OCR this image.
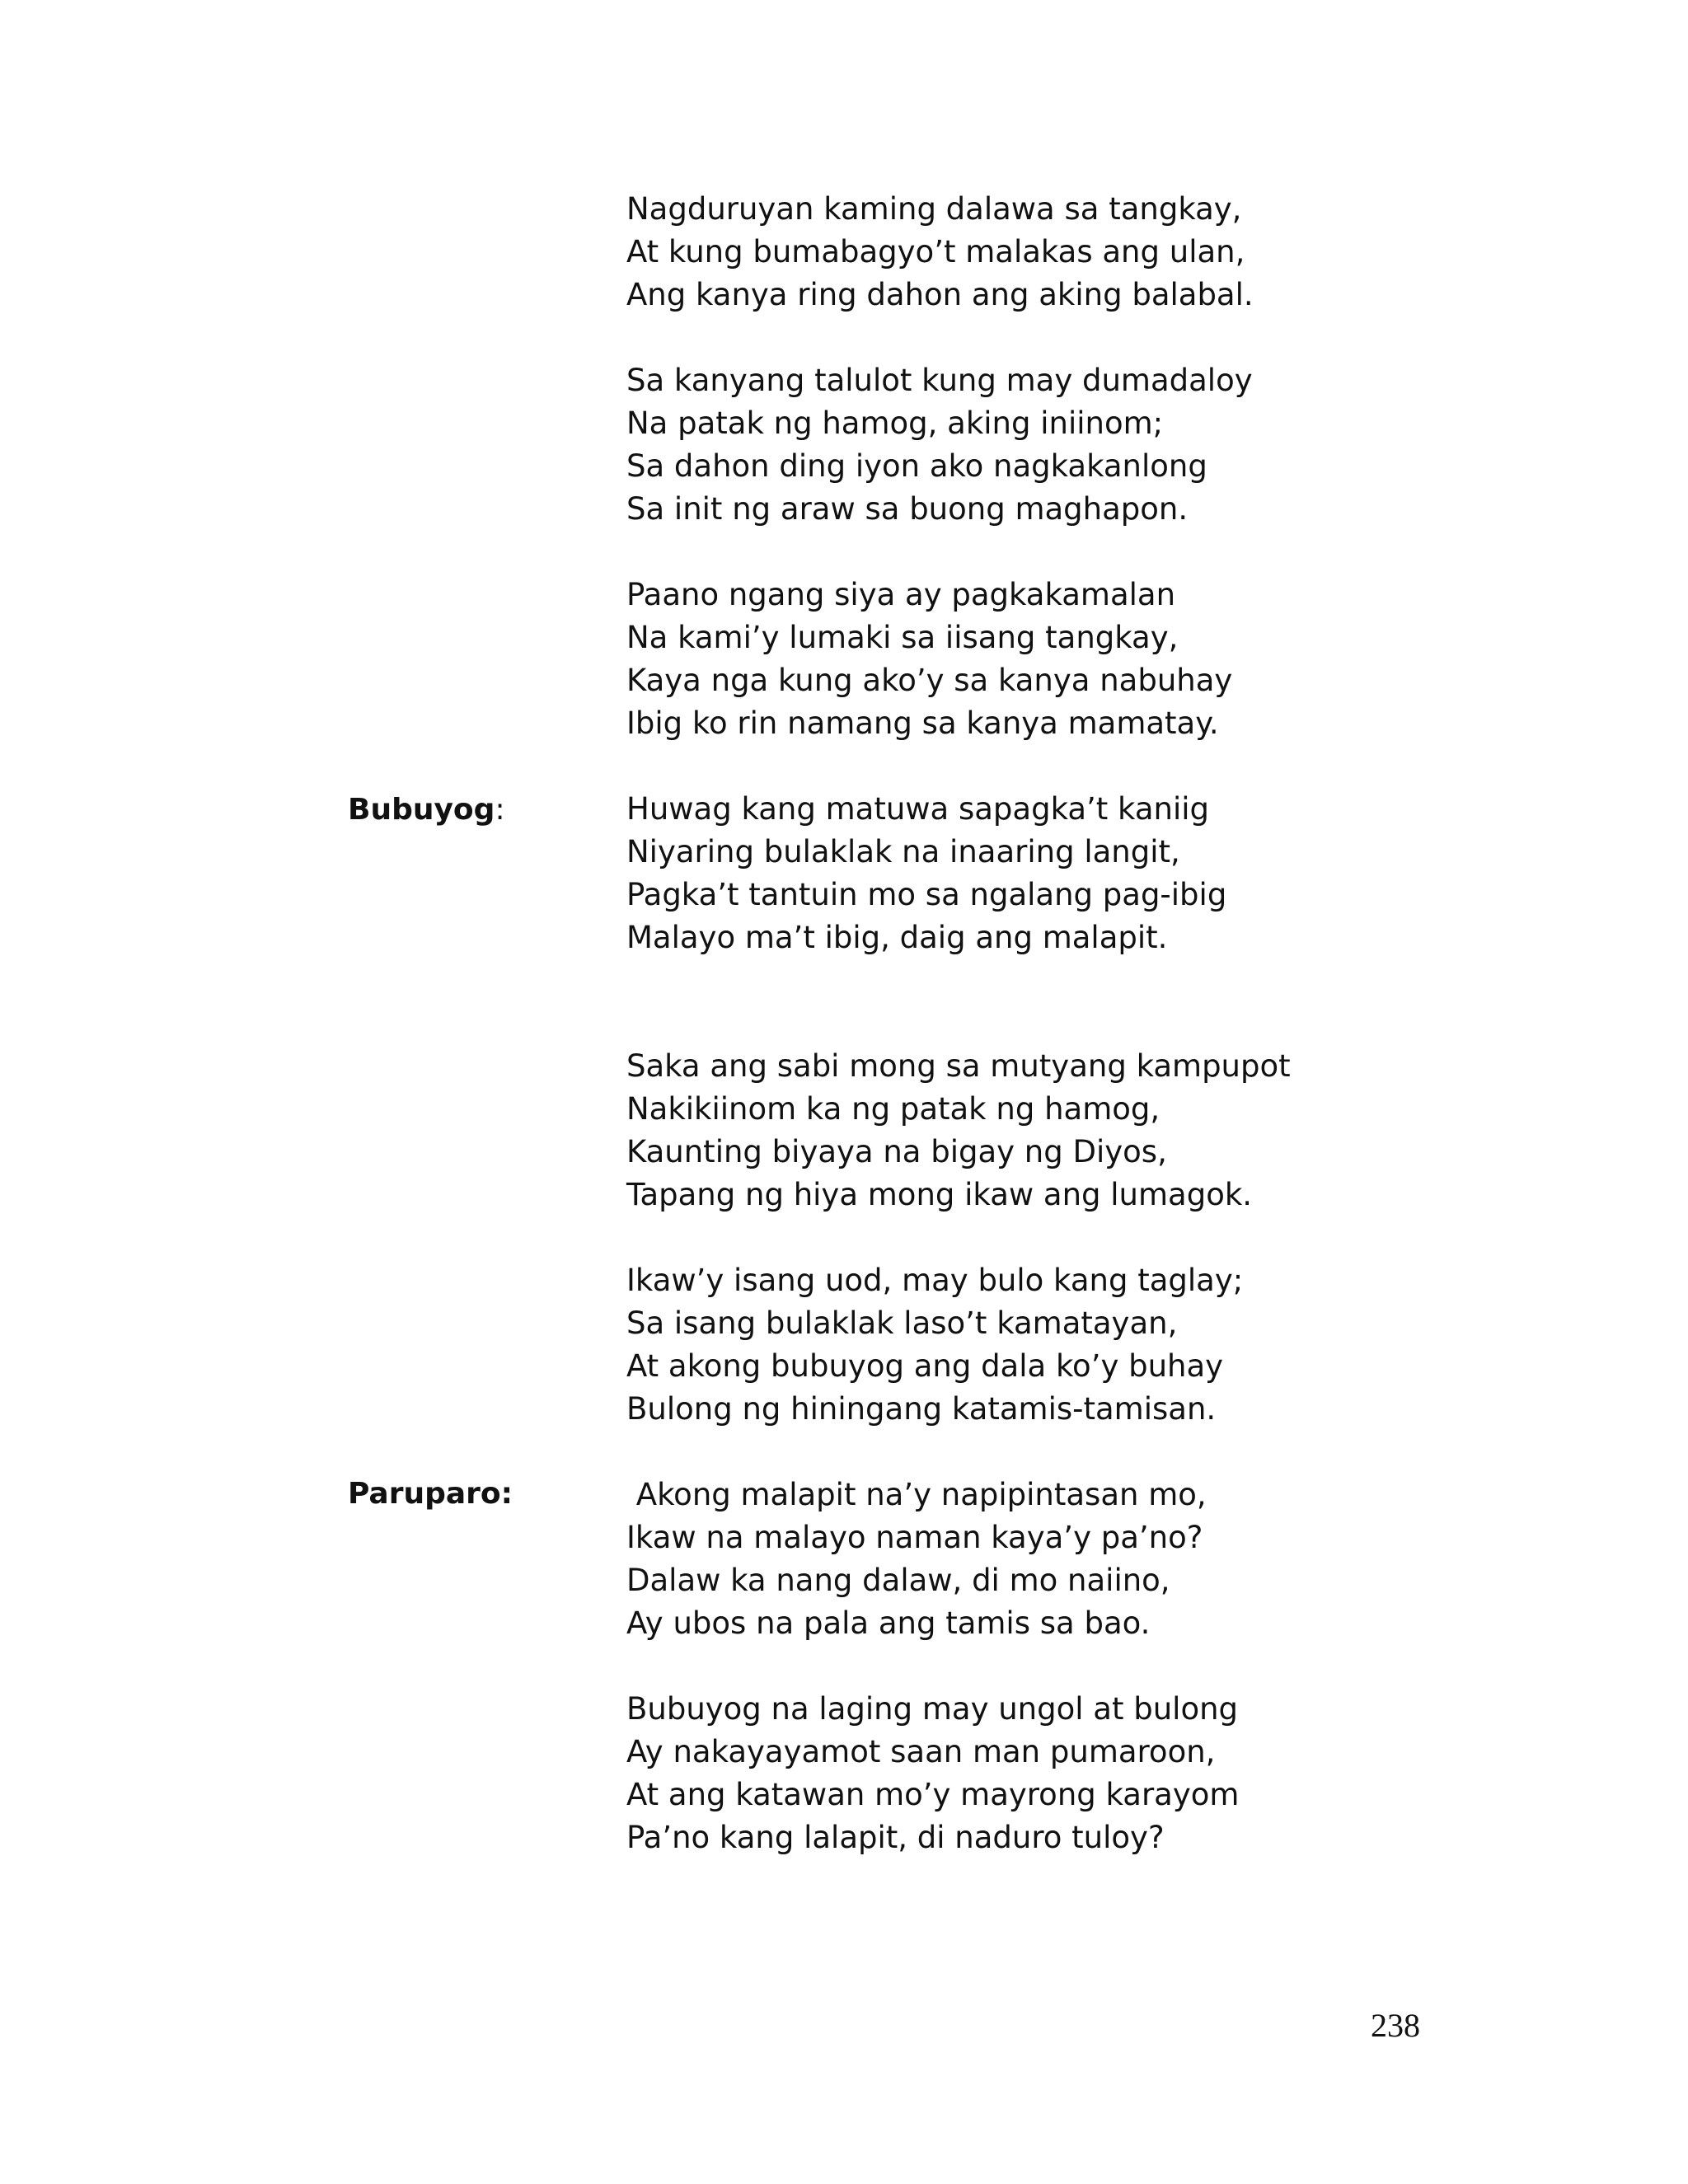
Bubuyog:
Paruparo:
Nagduruyan kaming dalawa sa tangkay,
At kung bumabagyo’t malakas ang ulan,
Ang kanya ring dahon ang aking balabal.
Sa kanyang talulot kung may dumadaloy
Na patak ng hamog, aking iniinom;
Sa dahon ding iyon ako nagkakanlong
Sa init ng araw sa buong maghapon.
Paano ngang siya ay pagkakamalan
Na kami’y lumaki sa iisang tangkay,
Kaya nga kung ako’y sa kanya nabuhay
Ibig ko rin namang sa kanya mamatay.
Huwag kang matuwa sapagka’t kaniig
Niyaring bulaklak na inaaring langit,
Pagka’t tantuin mo sa ngalang pag-ibig
Malayo ma’t ibig, daig ang malapit.
Saka ang sabi mong sa mutyang kampupot
Nakikiinom ka ng patak ng hamog,
Kaunting biyaya na bigay ng Diyos,
Tapang ng hiya mong ikaw ang lumagok.
Ikaw’y isang uod, may bulo kang taglay;
Sa isang bulaklak laso’t kamatayan,
At akong bubuyog ang dala ko’y buhay
Bulong ng hiningang katamis-tamisan.
Akong malapit na’y napipintasan mo,
Ikaw na malayo naman kaya’y pa’no?
Dalaw ka nang dalaw, di mo naiino,
Ay ubos na pala ang tamis sa bao.
Bubuyog na laging may ungol at bulong
Ay nakayayamot saan man pumaroon,
At ang katawan mo’y mayrong karayom
Pa’no kang lalapit, di naduro tuloy?
238
